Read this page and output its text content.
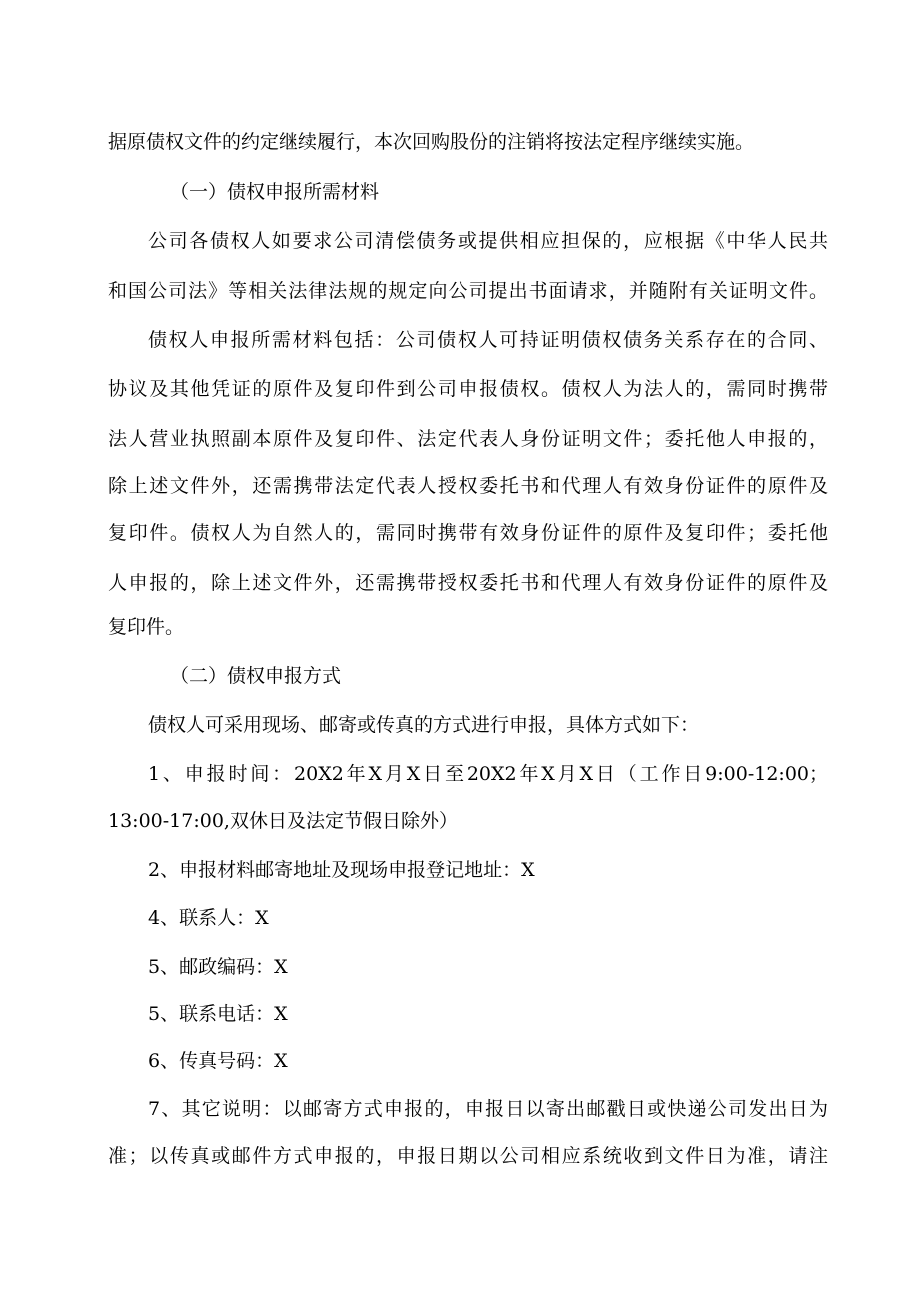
据原债权文件的约定继续履行，本次回购股份的注销将按法定程序继续实施。
（一）债权申报所需材料
公司各债权人如要求公司清偿债务或提供相应担保的，应根据《中华人民共
和国公司法》等相关法律法规的规定向公司提出书面请求，并随附有关证明文件。
债权人申报所需材料包括：公司债权人可持证明债权债务关系存在的合同、
协议及其他凭证的原件及复印件到公司申报债权。债权人为法人的，需同时携带
法人营业执照副本原件及复印件、法定代表人身份证明文件；委托他人申报的，
除上述文件外，还需携带法定代表人授权委托书和代理人有效身份证件的原件及
复印件。债权人为自然人的，需同时携带有效身份证件的原件及复印件；委托他
人申报的，除上述文件外，还需携带授权委托书和代理人有效身份证件的原件及
复印件。
（二）债权申报方式
债权人可采用现场、邮寄或传真的方式进行申报，具体方式如下：
1、申报时间：20X2年X月X日至20X2年X月X日（工作日9:00-12:00；
13:00-17:00,双休日及法定节假日除外）
2、申报材料邮寄地址及现场申报登记地址：X
4、联系人：X
5、邮政编码：X
5、联系电话：X
6、传真号码：X
7、其它说明：以邮寄方式申报的，申报日以寄出邮戳日或快递公司发出日为
准；以传真或邮件方式申报的，申报日期以公司相应系统收到文件日为准，请注
